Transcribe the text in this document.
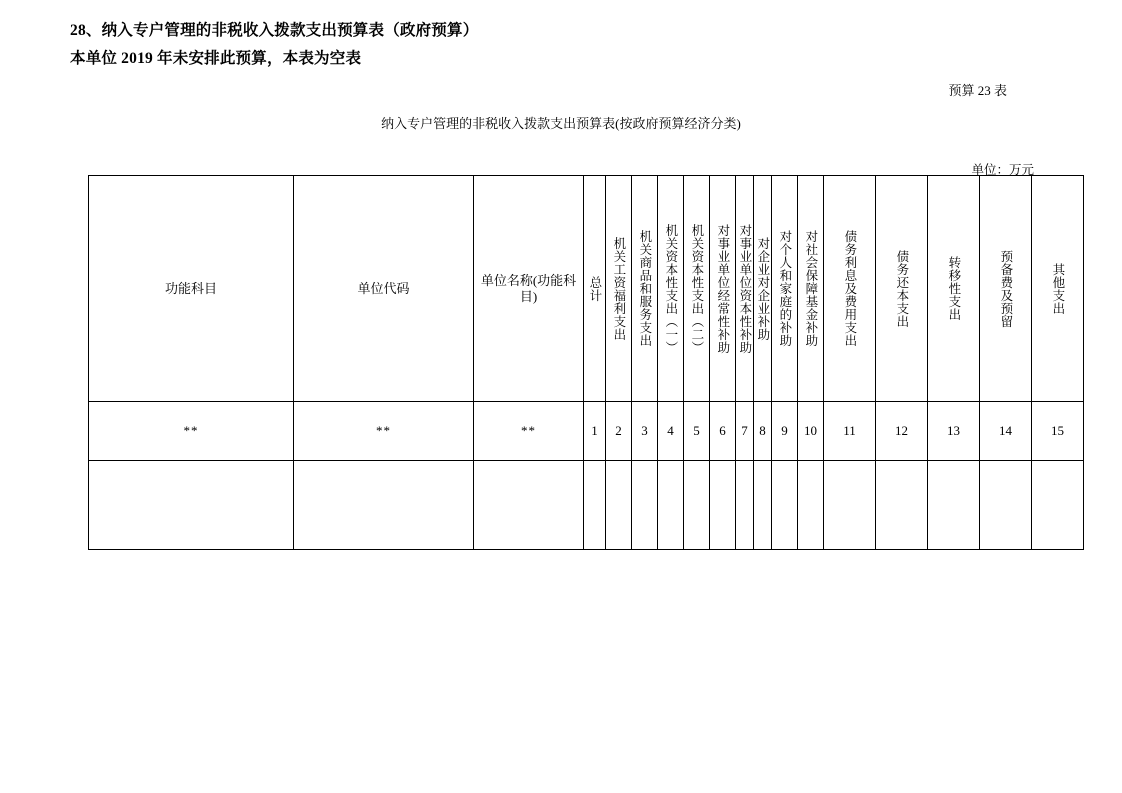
28、纳入专户管理的非税收入拨款支出预算表（政府预算）
本单位 2019 年未安排此预算，本表为空表
预算 23 表
纳入专户管理的非税收入拨款支出预算表(按政府预算经济分类)
单位：万元
功能科目	单位代码	单位名称(功能科目)	总计	机关工资福利支出	机关商品和服务支出	机关资本性支出（一）	机关资本性支出（二）	对事业单位经常性补助	对事业单位资本性补助	对企业对企业补助	对个人和家庭的补助	对社会保障基金补助	债务利息及费用支出	债务还本支出	转移性支出	预备费及预留	其他支出

**	**	**	1	2	3	4	5	6	7	8	9	10	11	12	13	14	15
